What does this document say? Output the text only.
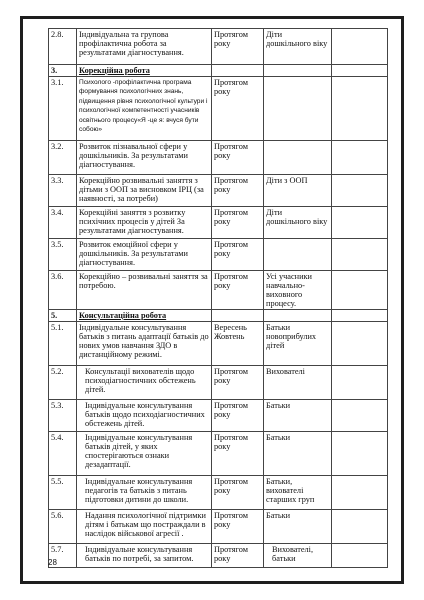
2.8.	Індивідуальна та групова профілактична робота за результатами діагностування.	Протягом року	Діти дошкільного віку	
3.	Корекційна робота			
3.1.	Психолого -профілактична програма формування психологічних знань, підвищення рівня психологічної культури і психологічної компетентності учасників освітнього процесу«Я -це я: вчуся бути собою»	Протягом року		
3.2.	Розвиток пізнавальної сфери у дошкільників. За результатами діагностування.	Протягом року		
3.3.	Корекційно розвивальні заняття з дітьми з ООП за висновком ІРЦ (за наявності, за потреби)	Протягом року	Діти з ООП	
3.4.	Корекційні заняття з розвитку психічних процесів у дітей За результатами діагностування.	Протягом року	Діти дошкільного віку	
3.5.	Розвиток емоційної сфери у дошкільників. За результатами діагностування.	Протягом року		
3.6.	Корекційно – розвивальні заняття за потребою.	Протягом року	Усі учасники навчально-виховного процесу.	
5.	Консультаційна робота			
5.1.	Індивідуальне консультування батьків з питань адаптації батьків до нових умов навчання ЗДО в дистанційному режимі.	Вересень Жовтень	Батьки новоприбулих дітей	
5.2.	Консультації вихователів щодо психодіагностичних обстежень дітей.	Протягом року	Вихователі	
5.3.	Індивідуальне консультування батьків щодо психодіагностичних обстежень дітей.	Протягом року	Батьки	
5.4.	Індивідуальне консультування батьків дітей, у яких спостерігаються ознаки дезадаптації.	Протягом року	Батьки	
5.5.	Індивідуальне консультування педагогів та батьків з питань підготовки дитини до школи.	Протягом року	Батьки, вихователі старших груп	
5.6.	Надання психологічної підтримки дітям і батькам що постраждали в наслідок військової агресії .	Протягом року	Батьки	
5.7.	Індивідуальне консультування батьків по потребі, за запитом.	Протягом року	Вихователі, батьки	
28
